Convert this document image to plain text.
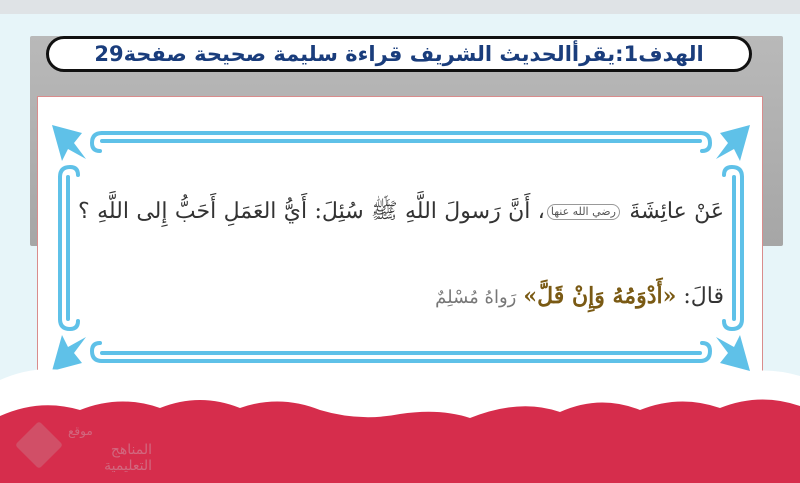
الهدف1:يقرأالحديث الشريف قراءة سليمة صحيحة صفحة29
عَنْ عائِشَةَ رضي الله عنها، أَنَّ رَسولَ اللَّهِ ﷺ سُئِلَ: أَيُّ العَمَلِ أَحَبُّ إِلى اللَّهِ ؟ قالَ: «أَدْوَمُهُ وَإِنْ قَلَّ» رَواهُ مُسْلِمٌ
موقع
المناهج التعليمية
